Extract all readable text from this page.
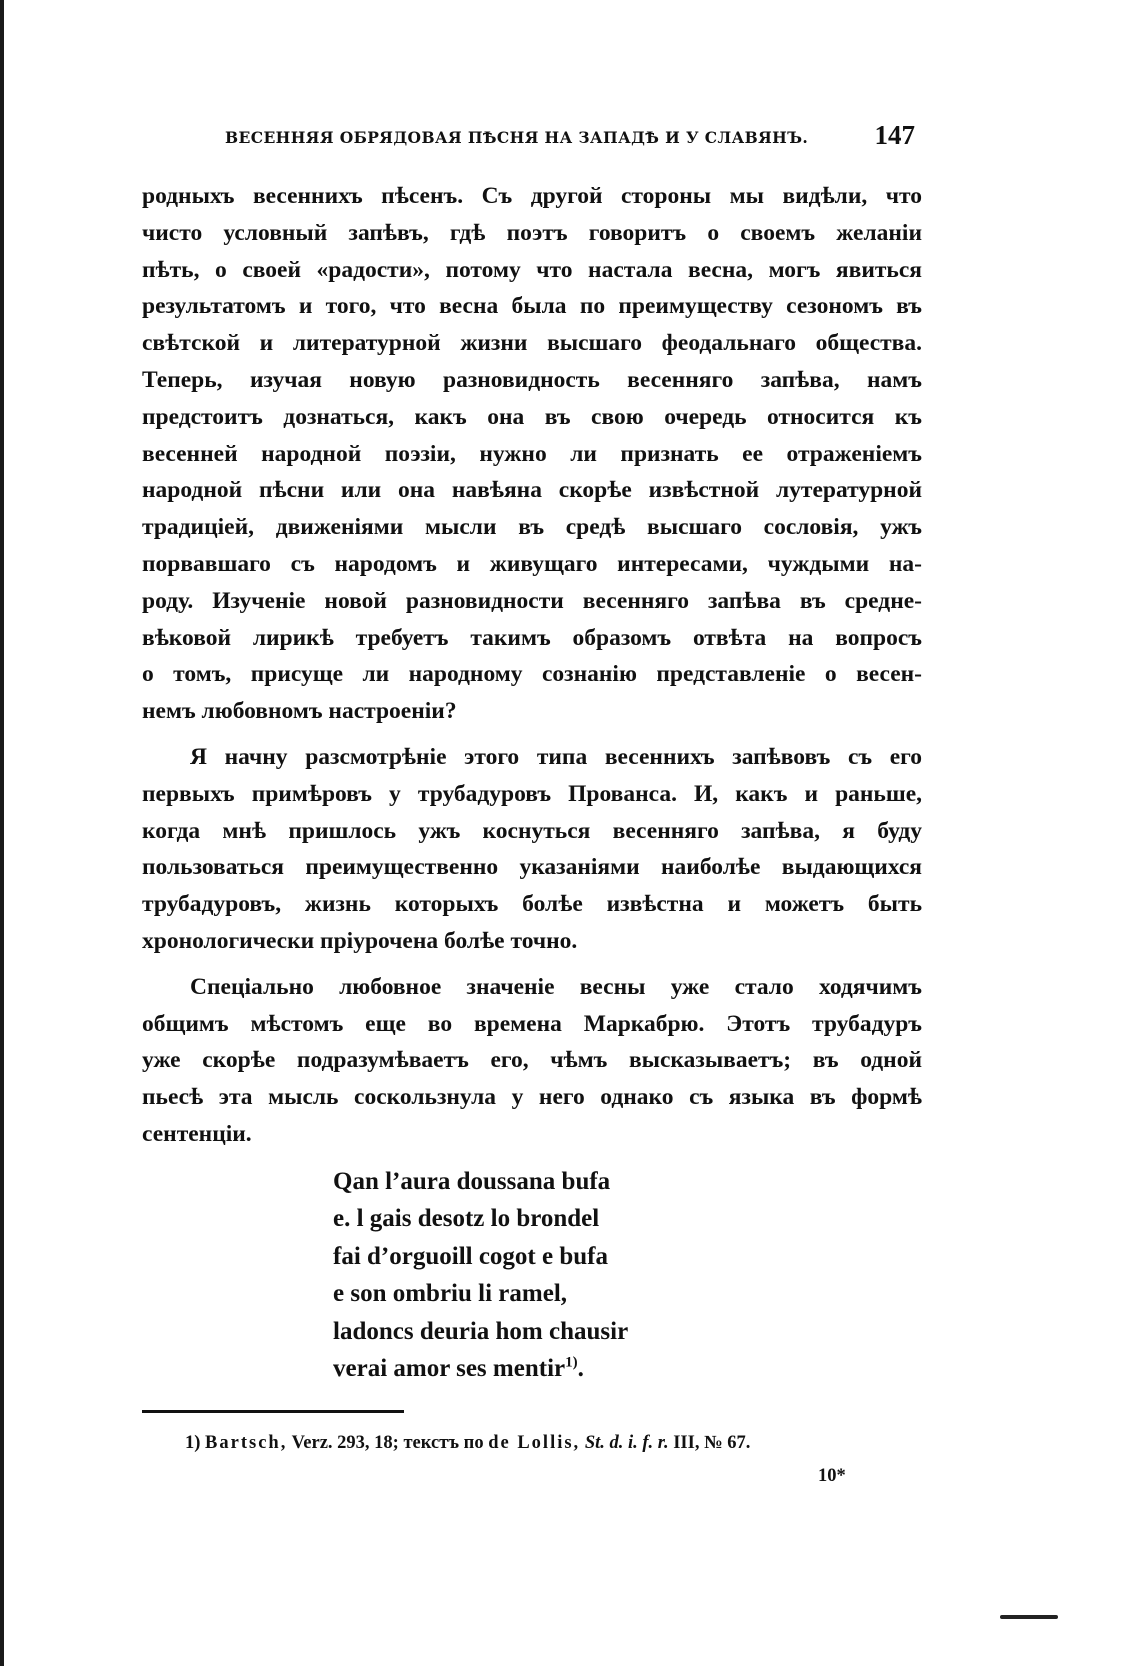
ВЕСЕННЯЯ ОБРЯДОВАЯ ПѢСНЯ НА ЗАПАДѢ И У СЛАВЯНЪ. 147
родныхъ весеннихъ пѣсенъ. Съ другой стороны мы видѣли, что
чисто условный запѣвъ, гдѣ поэтъ говоритъ о своемъ желаніи
пѣть, о своей «радости», потому что настала весна, могъ явиться
результатомъ и того, что весна была по преимуществу сезономъ въ
свѣтской и литературной жизни высшаго феодальнаго общества.
Теперь, изучая новую разновидность весенняго запѣва, намъ
предстоитъ дознаться, какъ она въ свою очередь относится къ
весенней народной поэзіи, нужно ли признать ее отраженіемъ
народной пѣсни или она навѣяна скорѣе извѣстной лутературной
традиціей, движеніями мысли въ средѣ высшаго сословія, ужъ
порвавшаго съ народомъ и живущаго интересами, чуждыми на-
роду. Изученіе новой разновидности весенняго запѣва въ средне-
вѣковой лирикѣ требуетъ такимъ образомъ отвѣта на вопросъ
о томъ, присуще ли народному сознанію представленіе о весен-
немъ любовномъ настроеніи?
Я начну разсмотрѣніе этого типа весеннихъ запѣвовъ съ его
первыхъ примѣровъ у трубадуровъ Прованса. И, какъ и раньше,
когда мнѣ пришлось ужъ коснуться весенняго запѣва, я буду
пользоваться преимущественно указаніями наиболѣе выдающихся
трубадуровъ, жизнь которыхъ болѣе извѣстна и можетъ быть
хронологически пріурочена болѣе точно.
Спеціально любовное значеніе весны уже стало ходячимъ
общимъ мѣстомъ еще во времена Маркабрю. Этотъ трубадуръ
уже скорѣе подразумѣваетъ его, чѣмъ высказываетъ; въ одной
пьесѣ эта мысль соскользнула у него однако съ языка въ формѣ
сентенціи.
Qan l’aura doussana bufa
e. l gais desotz lo brondel
fai d’orguoill cogot e bufa
e son ombriu li ramel,
ladoncs deuria hom chausir
verai amor ses mentir$^{1)}$.
1) Bartsch, Verz. 293, 18; текстъ по de Lollis, St. d. i. f. r. III, № 67.
10*
